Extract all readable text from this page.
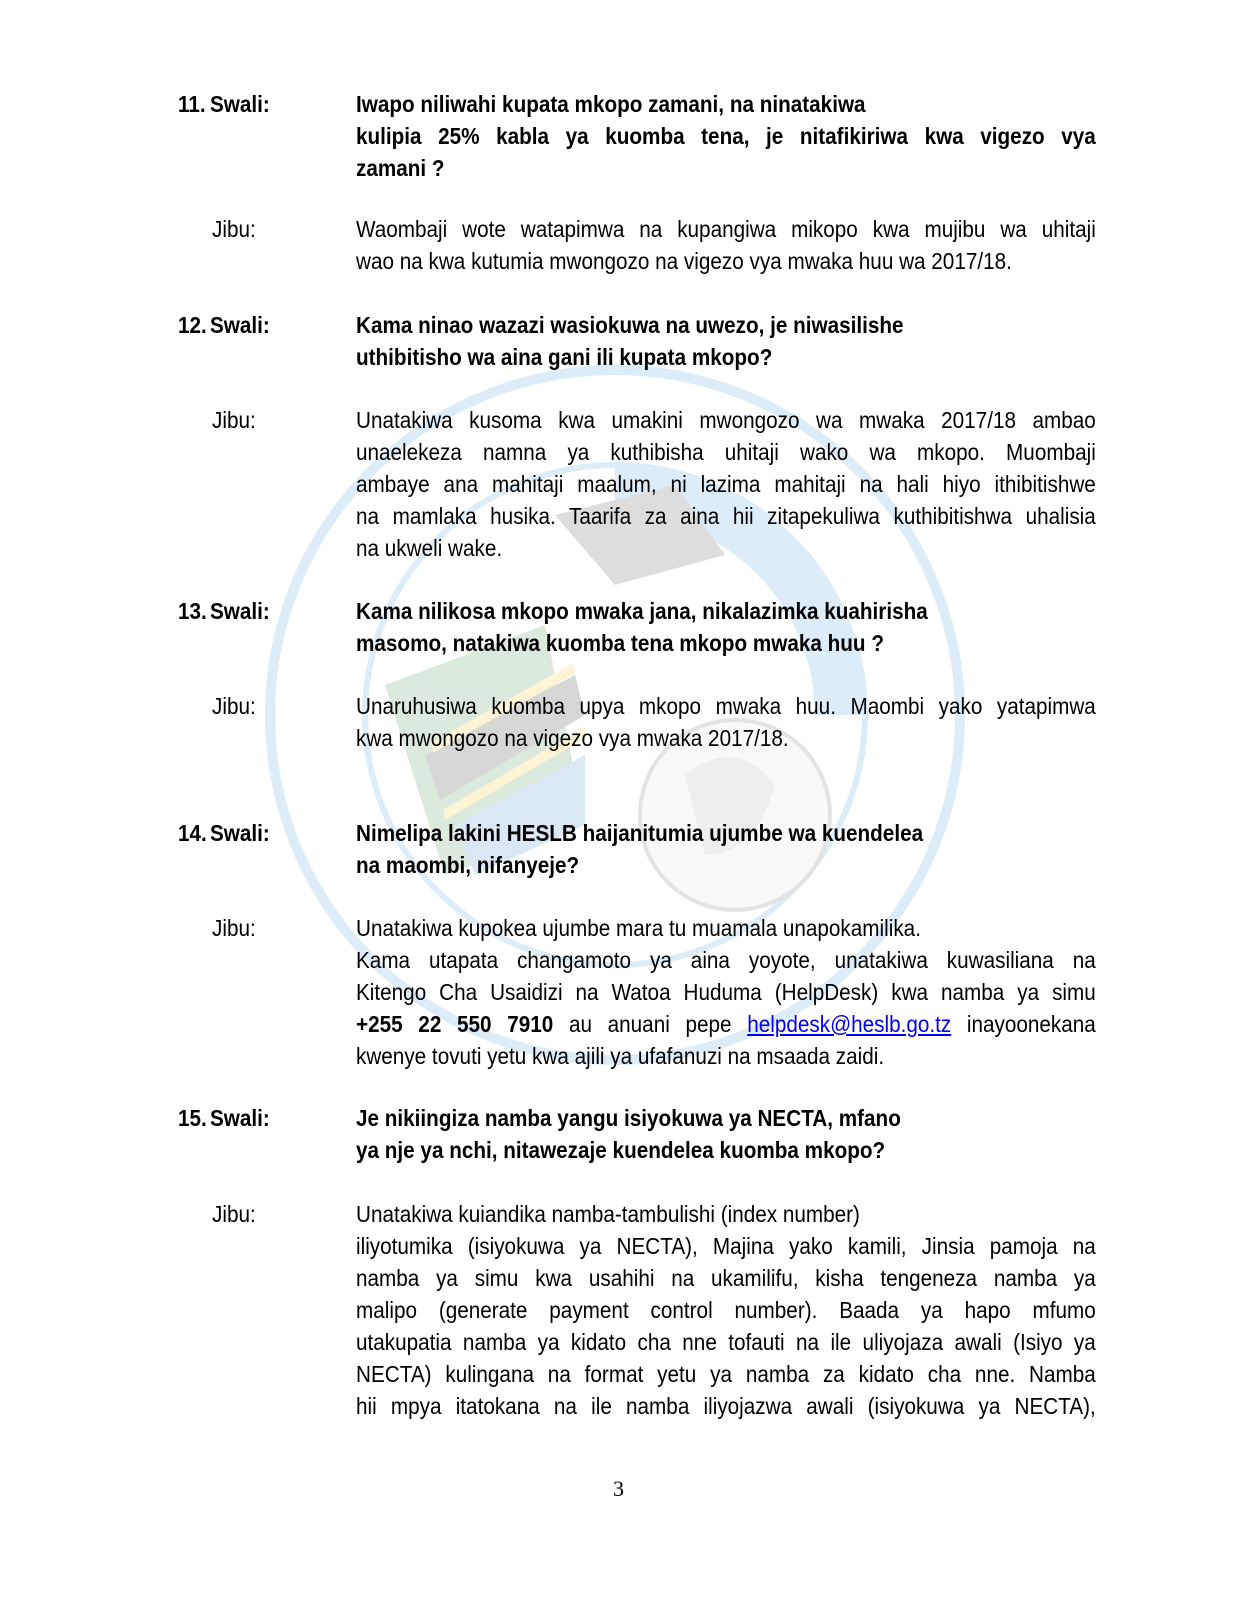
11. Swali:	Iwapo niliwahi kupata mkopo zamani, na ninatakiwa
kulipia 25% kabla ya kuomba tena, je nitafikiriwa kwa vigezo vya
zamani ?
Jibu:	Waombaji wote watapimwa na kupangiwa mikopo kwa mujibu wa uhitaji
wao na kwa kutumia mwongozo na vigezo vya mwaka huu wa 2017/18.
12. Swali:	Kama ninao wazazi wasiokuwa na uwezo, je niwasilishe
uthibitisho wa aina gani ili kupata mkopo?
Jibu:	Unatakiwa kusoma kwa umakini mwongozo wa mwaka 2017/18 ambao
unaelekeza namna ya kuthibisha uhitaji wako wa mkopo. Muombaji
ambaye ana mahitaji maalum, ni lazima mahitaji na hali hiyo ithibitishwe
na mamlaka husika. Taarifa za aina hii zitapekuliwa kuthibitishwa uhalisia
na ukweli wake.
13. Swali:	Kama nilikosa mkopo mwaka jana, nikalazimka kuahirisha
masomo, natakiwa kuomba tena mkopo mwaka huu ?
Jibu:	Unaruhusiwa kuomba upya mkopo mwaka huu. Maombi yako yatapimwa
kwa mwongozo na vigezo vya mwaka 2017/18.
14. Swali:	Nimelipa lakini HESLB haijanitumia ujumbe wa kuendelea
na maombi, nifanyeje?
Jibu:	Unatakiwa kupokea ujumbe mara tu muamala unapokamilika.
Kama utapata changamoto ya aina yoyote, unatakiwa kuwasiliana na
Kitengo Cha Usaidizi na Watoa Huduma (HelpDesk) kwa namba ya simu
+255 22 550 7910 au anuani pepe helpdesk@heslb.go.tz inayoonekana
kwenye tovuti yetu kwa ajili ya ufafanuzi na msaada zaidi.
15. Swali:	Je nikiingiza namba yangu isiyokuwa ya NECTA, mfano
ya nje ya nchi, nitawezaje kuendelea kuomba mkopo?
Jibu:	Unatakiwa kuiandika namba-tambulishi (index number)
iliyotumika (isiyokuwa ya NECTA), Majina yako kamili, Jinsia pamoja na
namba ya simu kwa usahihi na ukamilifu, kisha tengeneza namba ya
malipo (generate payment control number). Baada ya hapo mfumo
utakupatia namba ya kidato cha nne tofauti na ile uliyojaza awali (Isiyo ya
NECTA) kulingana na format yetu ya namba za kidato cha nne. Namba
hii mpya itatokana na ile namba iliyojazwa awali (isiyokuwa ya NECTA),
3
